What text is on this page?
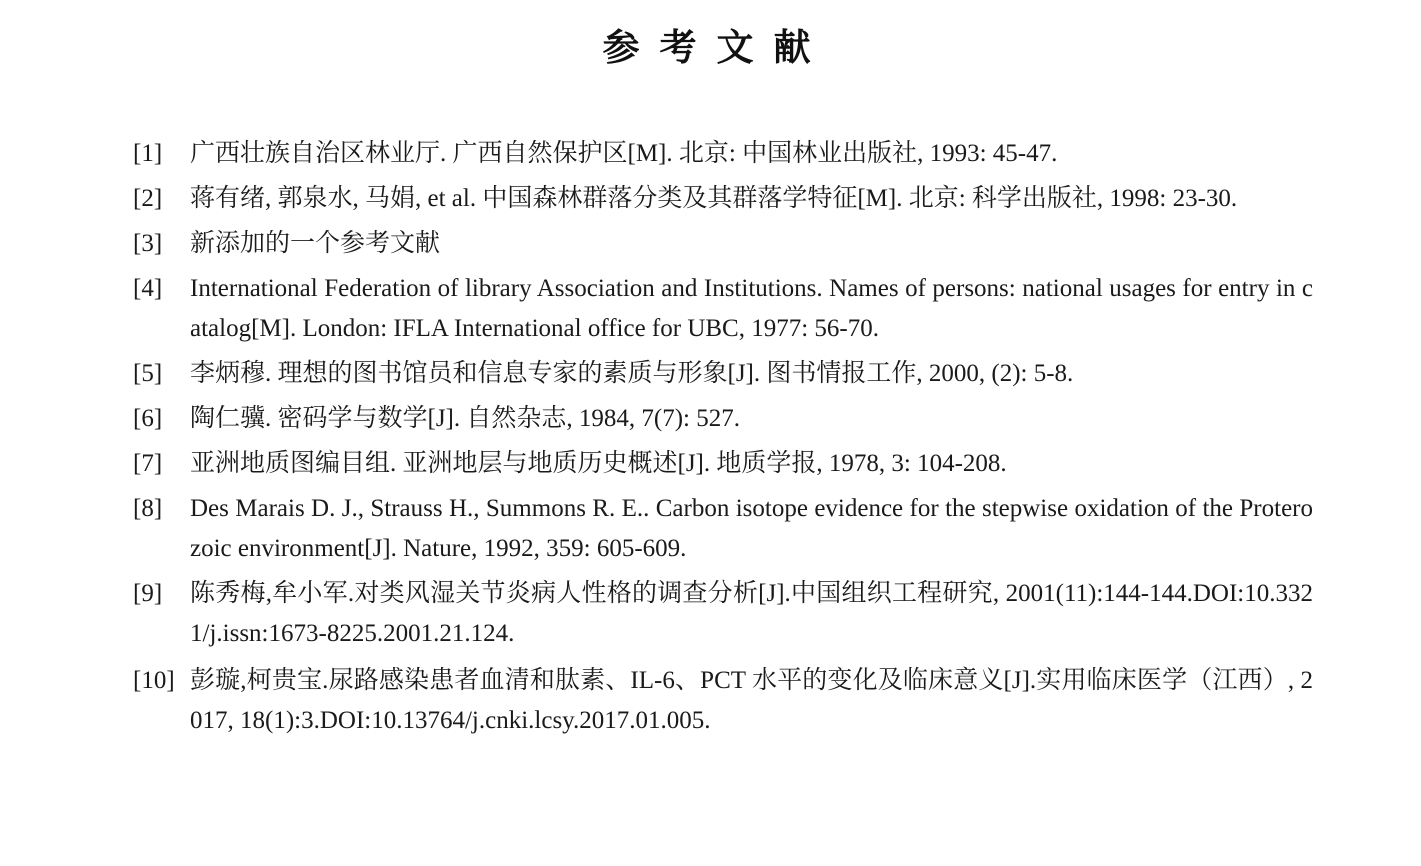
参考文献
[1]	广西壮族自治区林业厅. 广西自然保护区[M]. 北京: 中国林业出版社, 1993: 45-47.
[2]	蒋有绪, 郭泉水, 马娟, et al. 中国森林群落分类及其群落学特征[M]. 北京: 科学出版社, 1998: 23-30.
[3]	新添加的一个参考文献
[4]	International Federation of library Association and Institutions. Names of persons: national usages for entry in catalog[M]. London: IFLA International office for UBC, 1977: 56-70.
[5]	李炳穆. 理想的图书馆员和信息专家的素质与形象[J]. 图书情报工作, 2000, (2): 5-8.
[6]	陶仁骥. 密码学与数学[J]. 自然杂志, 1984, 7(7): 527.
[7]	亚洲地质图编目组. 亚洲地层与地质历史概述[J]. 地质学报, 1978, 3: 104-208.
[8]	Des Marais D. J., Strauss H., Summons R. E.. Carbon isotope evidence for the stepwise oxidation of the Proterozoic environment[J]. Nature, 1992, 359: 605-609.
[9]	陈秀梅,牟小军.对类风湿关节炎病人性格的调查分析[J].中国组织工程研究, 2001(11):144-144.DOI:10.3321/j.issn:1673-8225.2001.21.124.
[10] 彭璇,柯贵宝.尿路感染患者血清和肽素、IL-6、PCT 水平的变化及临床意义[J].实用临床医学（江西）, 2017, 18(1):3.DOI:10.13764/j.cnki.lcsy.2017.01.005.
